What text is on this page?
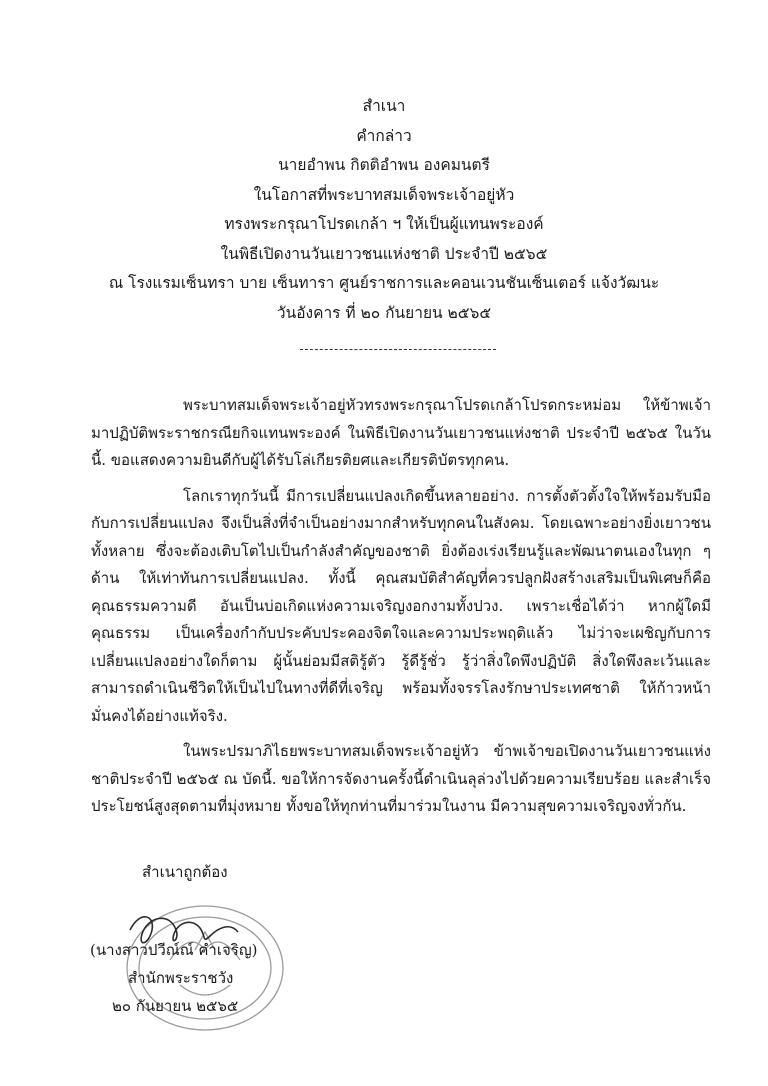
สำเนา
คำกล่าว
นายอำพน กิตติอำพน องคมนตรี
ในโอกาสที่พระบาทสมเด็จพระเจ้าอยู่หัว
ทรงพระกรุณาโปรดเกล้า ฯ ให้เป็นผู้แทนพระองค์
ในพิธีเปิดงานวันเยาวชนแห่งชาติ ประจำปี ๒๕๖๕
ณ โรงแรมเซ็นทรา บาย เซ็นทารา ศูนย์ราชการและคอนเวนชันเซ็นเตอร์ แจ้งวัฒนะ
วันอังคาร ที่ ๒๐ กันยายน ๒๕๖๕

พระบาทสมเด็จพระเจ้าอยู่หัวทรงพระกรุณาโปรดเกล้าโปรดกระหม่อม ให้ข้าพเจ้ามาปฏิบัติพระราชกรณียกิจแทนพระองค์ ในพิธีเปิดงานวันเยาวชนแห่งชาติ ประจำปี ๒๕๖๕ ในวันนี้. ขอแสดงความยินดีกับผู้ได้รับโล่เกียรติยศและเกียรติบัตรทุกคน.

โลกเราทุกวันนี้ มีการเปลี่ยนแปลงเกิดขึ้นหลายอย่าง. การตั้งตัวตั้งใจให้พร้อมรับมือกับการเปลี่ยนแปลง จึงเป็นสิ่งที่จำเป็นอย่างมากสำหรับทุกคนในสังคม. โดยเฉพาะอย่างยิ่งเยาวชนทั้งหลาย ซึ่งจะต้องเติบโตไปเป็นกำลังสำคัญของชาติ ยิ่งต้องเร่งเรียนรู้และพัฒนาตนเองในทุก ๆ ด้าน ให้เท่าทันการเปลี่ยนแปลง. ทั้งนี้ คุณสมบัติสำคัญที่ควรปลูกฝังสร้างเสริมเป็นพิเศษก็คือคุณธรรมความดี อันเป็นบ่อเกิดแห่งความเจริญงอกงามทั้งปวง. เพราะเชื่อได้ว่า หากผู้ใดมีคุณธรรม เป็นเครื่องกำกับประคับประคองจิตใจและความประพฤติแล้ว ไม่ว่าจะเผชิญกับการเปลี่ยนแปลงอย่างใดก็ตาม ผู้นั้นย่อมมีสติรู้ตัว รู้ดีรู้ชั่ว รู้ว่าสิ่งใดพึงปฏิบัติ สิ่งใดพึงละเว้นและสามารถดำเนินชีวิตให้เป็นไปในทางที่ดีที่เจริญ พร้อมทั้งจรรโลงรักษาประเทศชาติ ให้ก้าวหน้ามั่นคงได้อย่างแท้จริง.

ในพระปรมาภิไธยพระบาทสมเด็จพระเจ้าอยู่หัว ข้าพเจ้าขอเปิดงานวันเยาวชนแห่งชาติประจำปี ๒๕๖๕ ณ บัดนี้. ขอให้การจัดงานครั้งนี้ดำเนินลุล่วงไปด้วยความเรียบร้อย และสำเร็จประโยชน์สูงสุดตามที่มุ่งหมาย ทั้งขอให้ทุกท่านที่มาร่วมในงาน มีความสุขความเจริญจงทั่วกัน.

สำเนาถูกต้อง
(นางสาวปวีณ์ณ์ คำเจริญ)
สำนักพระราชวัง
๒๐ กันยายน ๒๕๖๕
